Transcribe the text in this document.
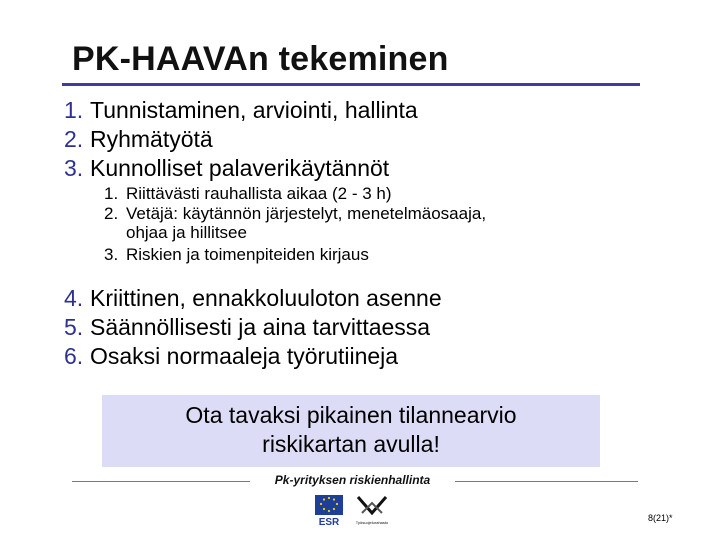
PK-HAAVAn tekeminen
1. Tunnistaminen, arviointi, hallinta
2. Ryhmätyötä
3. Kunnolliset palaverikäytännöt
1. Riittävästi rauhallista aikaa (2 - 3 h)
2. Vetäjä: käytännön järjestelyt, menetelmäosaaja,
ohjaa ja hillitsee
3. Riskien ja toimenpiteiden kirjaus
4. Kriittinen, ennakkoluuloton asenne
5. Säännöllisesti ja aina tarvittaessa
6. Osaksi normaaleja työrutiineja
Ota tavaksi pikainen tilannearvio
riskikartan avulla!
Pk-yrityksen riskienhallinta
ESR	Työsuojelurahasto	8(21)*
